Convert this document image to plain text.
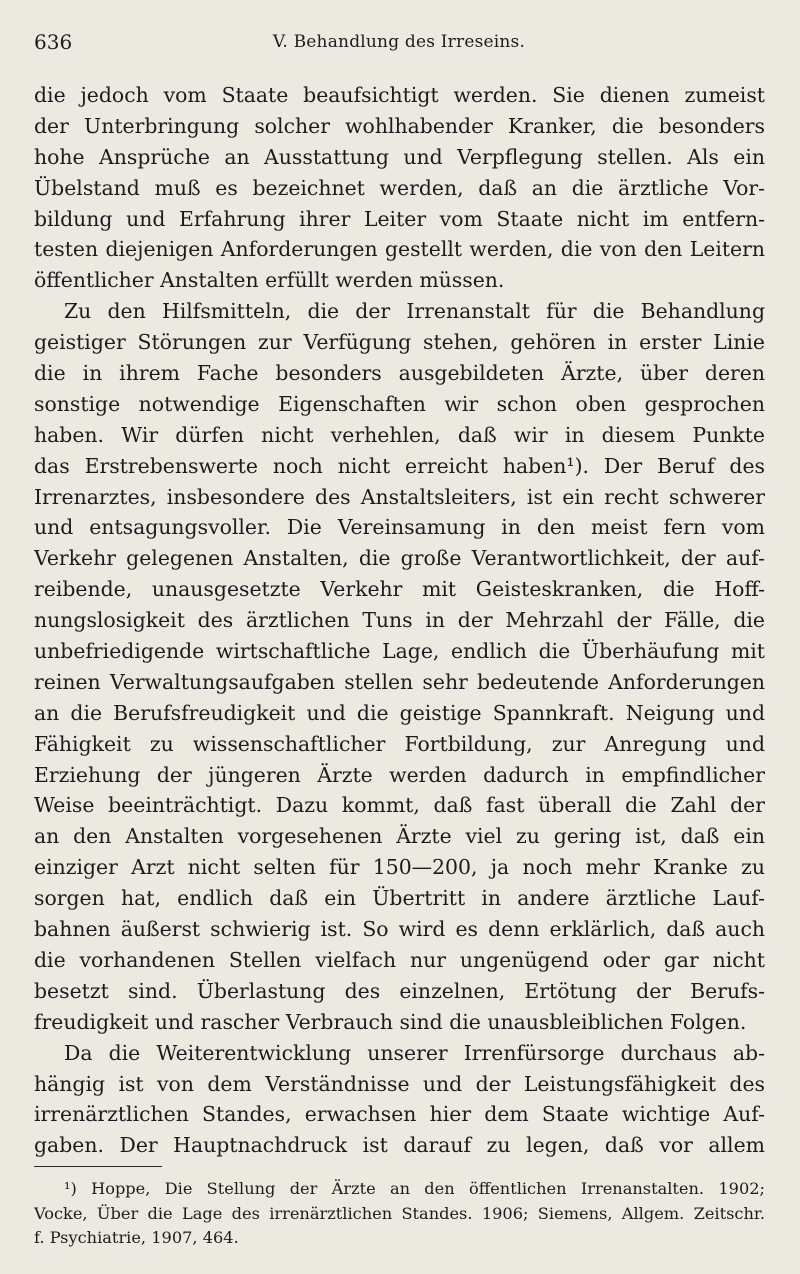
636	V. Behandlung des Irreseins.
die jedoch vom Staate beaufsichtigt werden. Sie dienen zumeist
der Unterbringung solcher wohlhabender Kranker, die besonders
hohe Ansprüche an Ausstattung und Verpflegung stellen. Als ein
Übelstand muß es bezeichnet werden, daß an die ärztliche Vor-
bildung und Erfahrung ihrer Leiter vom Staate nicht im entfern-
testen diejenigen Anforderungen gestellt werden, die von den Leitern
öffentlicher Anstalten erfüllt werden müssen.
Zu den Hilfsmitteln, die der Irrenanstalt für die Behandlung
geistiger Störungen zur Verfügung stehen, gehören in erster Linie
die in ihrem Fache besonders ausgebildeten Ärzte, über deren
sonstige notwendige Eigenschaften wir schon oben gesprochen
haben. Wir dürfen nicht verhehlen, daß wir in diesem Punkte
das Erstrebenswerte noch nicht erreicht haben¹). Der Beruf des
Irrenarztes, insbesondere des Anstaltsleiters, ist ein recht schwerer
und entsagungsvoller. Die Vereinsamung in den meist fern vom
Verkehr gelegenen Anstalten, die große Verantwortlichkeit, der auf-
reibende, unausgesetzte Verkehr mit Geisteskranken, die Hoff-
nungslosigkeit des ärztlichen Tuns in der Mehrzahl der Fälle, die
unbefriedigende wirtschaftliche Lage, endlich die Überhäufung mit
reinen Verwaltungsaufgaben stellen sehr bedeutende Anforderungen
an die Berufsfreudigkeit und die geistige Spannkraft. Neigung und
Fähigkeit zu wissenschaftlicher Fortbildung, zur Anregung und
Erziehung der jüngeren Ärzte werden dadurch in empfindlicher
Weise beeinträchtigt. Dazu kommt, daß fast überall die Zahl der
an den Anstalten vorgesehenen Ärzte viel zu gering ist, daß ein
einziger Arzt nicht selten für 150—200, ja noch mehr Kranke zu
sorgen hat, endlich daß ein Übertritt in andere ärztliche Lauf-
bahnen äußerst schwierig ist. So wird es denn erklärlich, daß auch
die vorhandenen Stellen vielfach nur ungenügend oder gar nicht
besetzt sind. Überlastung des einzelnen, Ertötung der Berufs-
freudigkeit und rascher Verbrauch sind die unausbleiblichen Folgen.
Da die Weiterentwicklung unserer Irrenfürsorge durchaus ab-
hängig ist von dem Verständnisse und der Leistungsfähigkeit des
irrenärztlichen Standes, erwachsen hier dem Staate wichtige Auf-
gaben. Der Hauptnachdruck ist darauf zu legen, daß vor allem
¹) Hoppe, Die Stellung der Ärzte an den öffentlichen Irrenanstalten. 1902;
Vocke, Über die Lage des irrenärztlichen Standes. 1906; Siemens, Allgem. Zeitschr.
f. Psychiatrie, 1907, 464.
